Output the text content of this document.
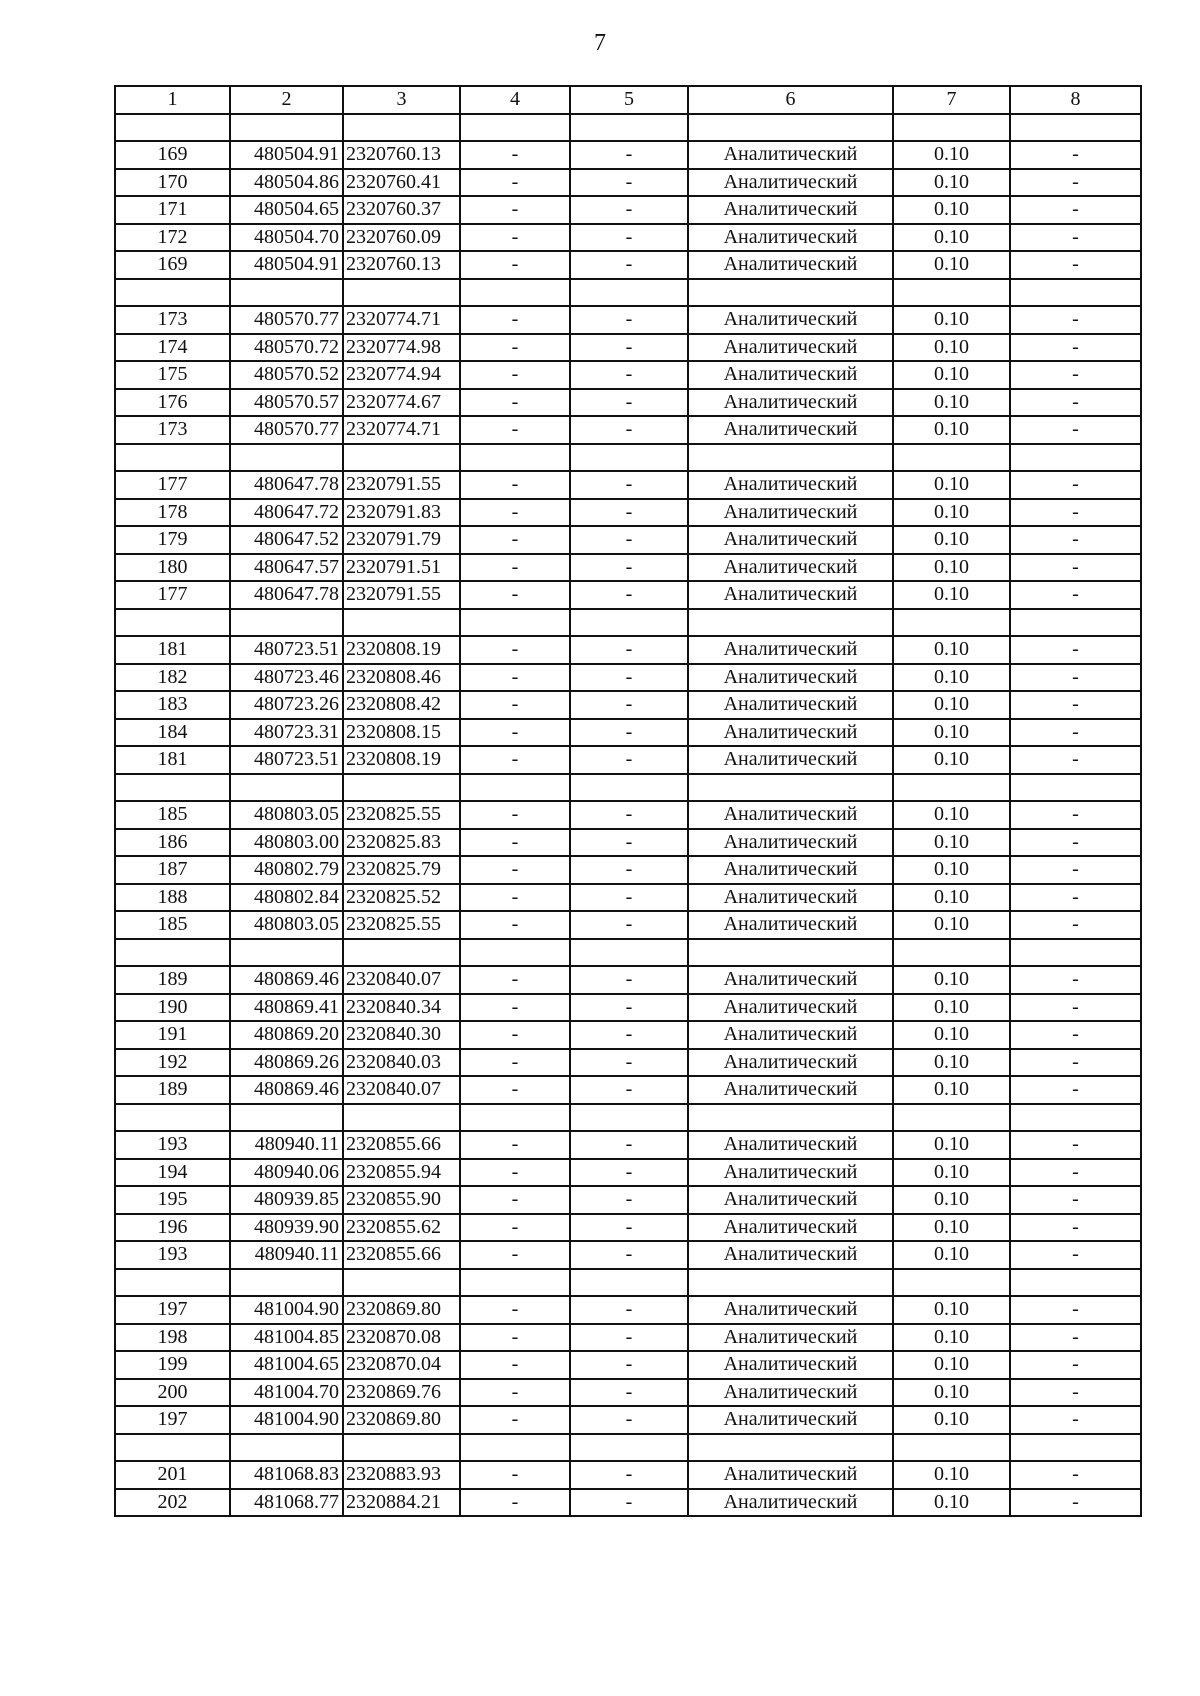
7
1	2	3	4	5	6	7	8

169	480504.91	2320760.13	-	-	Аналитический	0.10	-
170	480504.86	2320760.41	-	-	Аналитический	0.10	-
171	480504.65	2320760.37	-	-	Аналитический	0.10	-
172	480504.70	2320760.09	-	-	Аналитический	0.10	-
169	480504.91	2320760.13	-	-	Аналитический	0.10	-

173	480570.77	2320774.71	-	-	Аналитический	0.10	-
174	480570.72	2320774.98	-	-	Аналитический	0.10	-
175	480570.52	2320774.94	-	-	Аналитический	0.10	-
176	480570.57	2320774.67	-	-	Аналитический	0.10	-
173	480570.77	2320774.71	-	-	Аналитический	0.10	-

177	480647.78	2320791.55	-	-	Аналитический	0.10	-
178	480647.72	2320791.83	-	-	Аналитический	0.10	-
179	480647.52	2320791.79	-	-	Аналитический	0.10	-
180	480647.57	2320791.51	-	-	Аналитический	0.10	-
177	480647.78	2320791.55	-	-	Аналитический	0.10	-

181	480723.51	2320808.19	-	-	Аналитический	0.10	-
182	480723.46	2320808.46	-	-	Аналитический	0.10	-
183	480723.26	2320808.42	-	-	Аналитический	0.10	-
184	480723.31	2320808.15	-	-	Аналитический	0.10	-
181	480723.51	2320808.19	-	-	Аналитический	0.10	-

185	480803.05	2320825.55	-	-	Аналитический	0.10	-
186	480803.00	2320825.83	-	-	Аналитический	0.10	-
187	480802.79	2320825.79	-	-	Аналитический	0.10	-
188	480802.84	2320825.52	-	-	Аналитический	0.10	-
185	480803.05	2320825.55	-	-	Аналитический	0.10	-

189	480869.46	2320840.07	-	-	Аналитический	0.10	-
190	480869.41	2320840.34	-	-	Аналитический	0.10	-
191	480869.20	2320840.30	-	-	Аналитический	0.10	-
192	480869.26	2320840.03	-	-	Аналитический	0.10	-
189	480869.46	2320840.07	-	-	Аналитический	0.10	-

193	480940.11	2320855.66	-	-	Аналитический	0.10	-
194	480940.06	2320855.94	-	-	Аналитический	0.10	-
195	480939.85	2320855.90	-	-	Аналитический	0.10	-
196	480939.90	2320855.62	-	-	Аналитический	0.10	-
193	480940.11	2320855.66	-	-	Аналитический	0.10	-

197	481004.90	2320869.80	-	-	Аналитический	0.10	-
198	481004.85	2320870.08	-	-	Аналитический	0.10	-
199	481004.65	2320870.04	-	-	Аналитический	0.10	-
200	481004.70	2320869.76	-	-	Аналитический	0.10	-
197	481004.90	2320869.80	-	-	Аналитический	0.10	-

201	481068.83	2320883.93	-	-	Аналитический	0.10	-
202	481068.77	2320884.21	-	-	Аналитический	0.10	-
